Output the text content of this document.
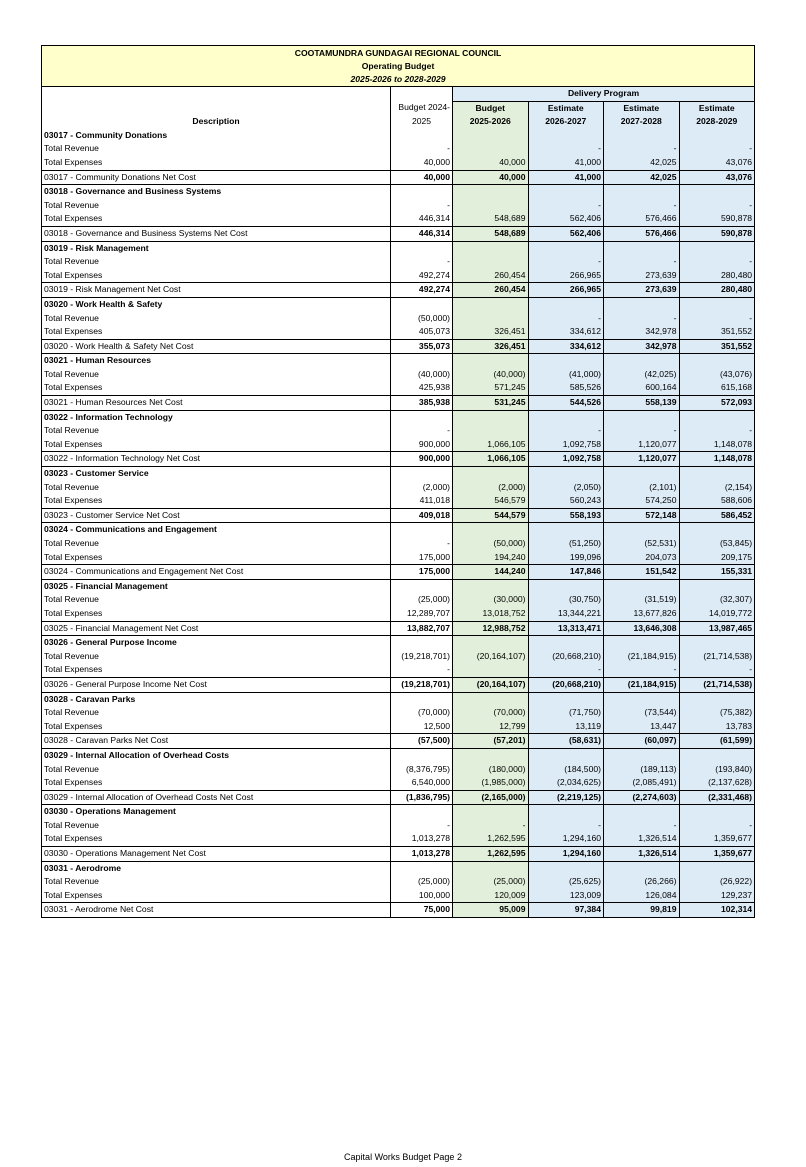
COOTAMUNDRA GUNDAGAI REGIONAL COUNCIL
Operating Budget
2025-2026 to 2028-2029					

		Delivery Program			
	Budget 2024-	Budget	Estimate	Estimate	Estimate
Description	2025	2025-2026	2026-2027	2027-2028	2028-2029
03017 - Community Donations					
Total Revenue	-		-	-	-
Total Expenses	40,000	40,000	41,000	42,025	43,076
03017 - Community Donations Net Cost	40,000	40,000	41,000	42,025	43,076
03018 - Governance and Business Systems					
Total Revenue	-		-	-	-
Total Expenses	446,314	548,689	562,406	576,466	590,878
03018 - Governance and Business Systems Net Cost	446,314	548,689	562,406	576,466	590,878
03019 - Risk Management					
Total Revenue	-		-	-	-
Total Expenses	492,274	260,454	266,965	273,639	280,480
03019 - Risk Management Net Cost	492,274	260,454	266,965	273,639	280,480
03020 - Work Health & Safety					
Total Revenue	(50,000)		-	-	-
Total Expenses	405,073	326,451	334,612	342,978	351,552
03020 - Work Health & Safety Net Cost	355,073	326,451	334,612	342,978	351,552
03021 - Human Resources					
Total Revenue	(40,000)	(40,000)	(41,000)	(42,025)	(43,076)
Total Expenses	425,938	571,245	585,526	600,164	615,168
03021 - Human Resources Net Cost	385,938	531,245	544,526	558,139	572,093
03022 - Information Technology					
Total Revenue	-		-	-	-
Total Expenses	900,000	1,066,105	1,092,758	1,120,077	1,148,078
03022 - Information Technology Net Cost	900,000	1,066,105	1,092,758	1,120,077	1,148,078
03023 - Customer Service					
Total Revenue	(2,000)	(2,000)	(2,050)	(2,101)	(2,154)
Total Expenses	411,018	546,579	560,243	574,250	588,606
03023 - Customer Service Net Cost	409,018	544,579	558,193	572,148	586,452
03024 - Communications and Engagement					
Total Revenue	-	(50,000)	(51,250)	(52,531)	(53,845)
Total Expenses	175,000	194,240	199,096	204,073	209,175
03024 - Communications and Engagement Net Cost	175,000	144,240	147,846	151,542	155,331
03025 - Financial Management					
Total Revenue	(25,000)	(30,000)	(30,750)	(31,519)	(32,307)
Total Expenses	12,289,707	13,018,752	13,344,221	13,677,826	14,019,772
03025 - Financial Management Net Cost	13,882,707	12,988,752	13,313,471	13,646,308	13,987,465
03026 - General Purpose Income					
Total Revenue	(19,218,701)	(20,164,107)	(20,668,210)	(21,184,915)	(21,714,538)
Total Expenses	-		-	-	-
03026 - General Purpose Income Net Cost	(19,218,701)	(20,164,107)	(20,668,210)	(21,184,915)	(21,714,538)
03028 - Caravan Parks					
Total Revenue	(70,000)	(70,000)	(71,750)	(73,544)	(75,382)
Total Expenses	12,500	12,799	13,119	13,447	13,783
03028 - Caravan Parks Net Cost	(57,500)	(57,201)	(58,631)	(60,097)	(61,599)
03029 - Internal Allocation of Overhead Costs					
Total Revenue	(8,376,795)	(180,000)	(184,500)	(189,113)	(193,840)
Total Expenses	6,540,000	(1,985,000)	(2,034,625)	(2,085,491)	(2,137,628)
03029 - Internal Allocation of Overhead Costs Net Cost	(1,836,795)	(2,165,000)	(2,219,125)	(2,274,603)	(2,331,468)
03030 - Operations Management					
Total Revenue	-	-	-	-	-
Total Expenses	1,013,278	1,262,595	1,294,160	1,326,514	1,359,677
03030 - Operations Management Net Cost	1,013,278	1,262,595	1,294,160	1,326,514	1,359,677
03031 - Aerodrome					
Total Revenue	(25,000)	(25,000)	(25,625)	(26,266)	(26,922)
Total Expenses	100,000	120,009	123,009	126,084	129,237
03031 - Aerodrome Net Cost	75,000	95,009	97,384	99,819	102,314
Capital Works Budget Page 2
